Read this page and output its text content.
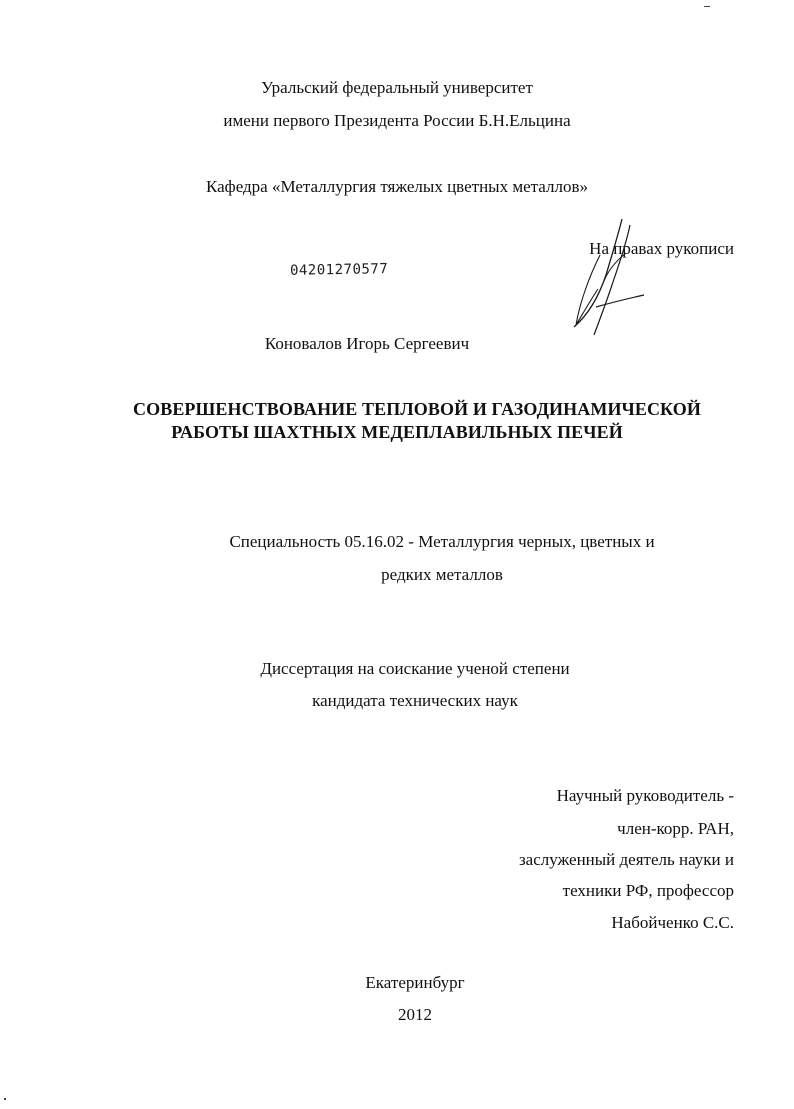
Уральский федеральный университет
имени первого Президента России Б.Н.Ельцина
Кафедра «Металлургия тяжелых цветных металлов»
На правах рукописи
04201270577
Коновалов Игорь Сергеевич
СОВЕРШЕНСТВОВАНИЕ ТЕПЛОВОЙ И ГАЗОДИНАМИЧЕСКОЙ
РАБОТЫ ШАХТНЫХ МЕДЕПЛАВИЛЬНЫХ ПЕЧЕЙ
Специальность 05.16.02 - Металлургия черных, цветных и
редких металлов
Диссертация на соискание ученой степени
кандидата технических наук
Научный руководитель -
член-корр. РАН,
заслуженный деятель науки и
техники РФ, профессор
Набойченко С.С.
Екатеринбург
2012
